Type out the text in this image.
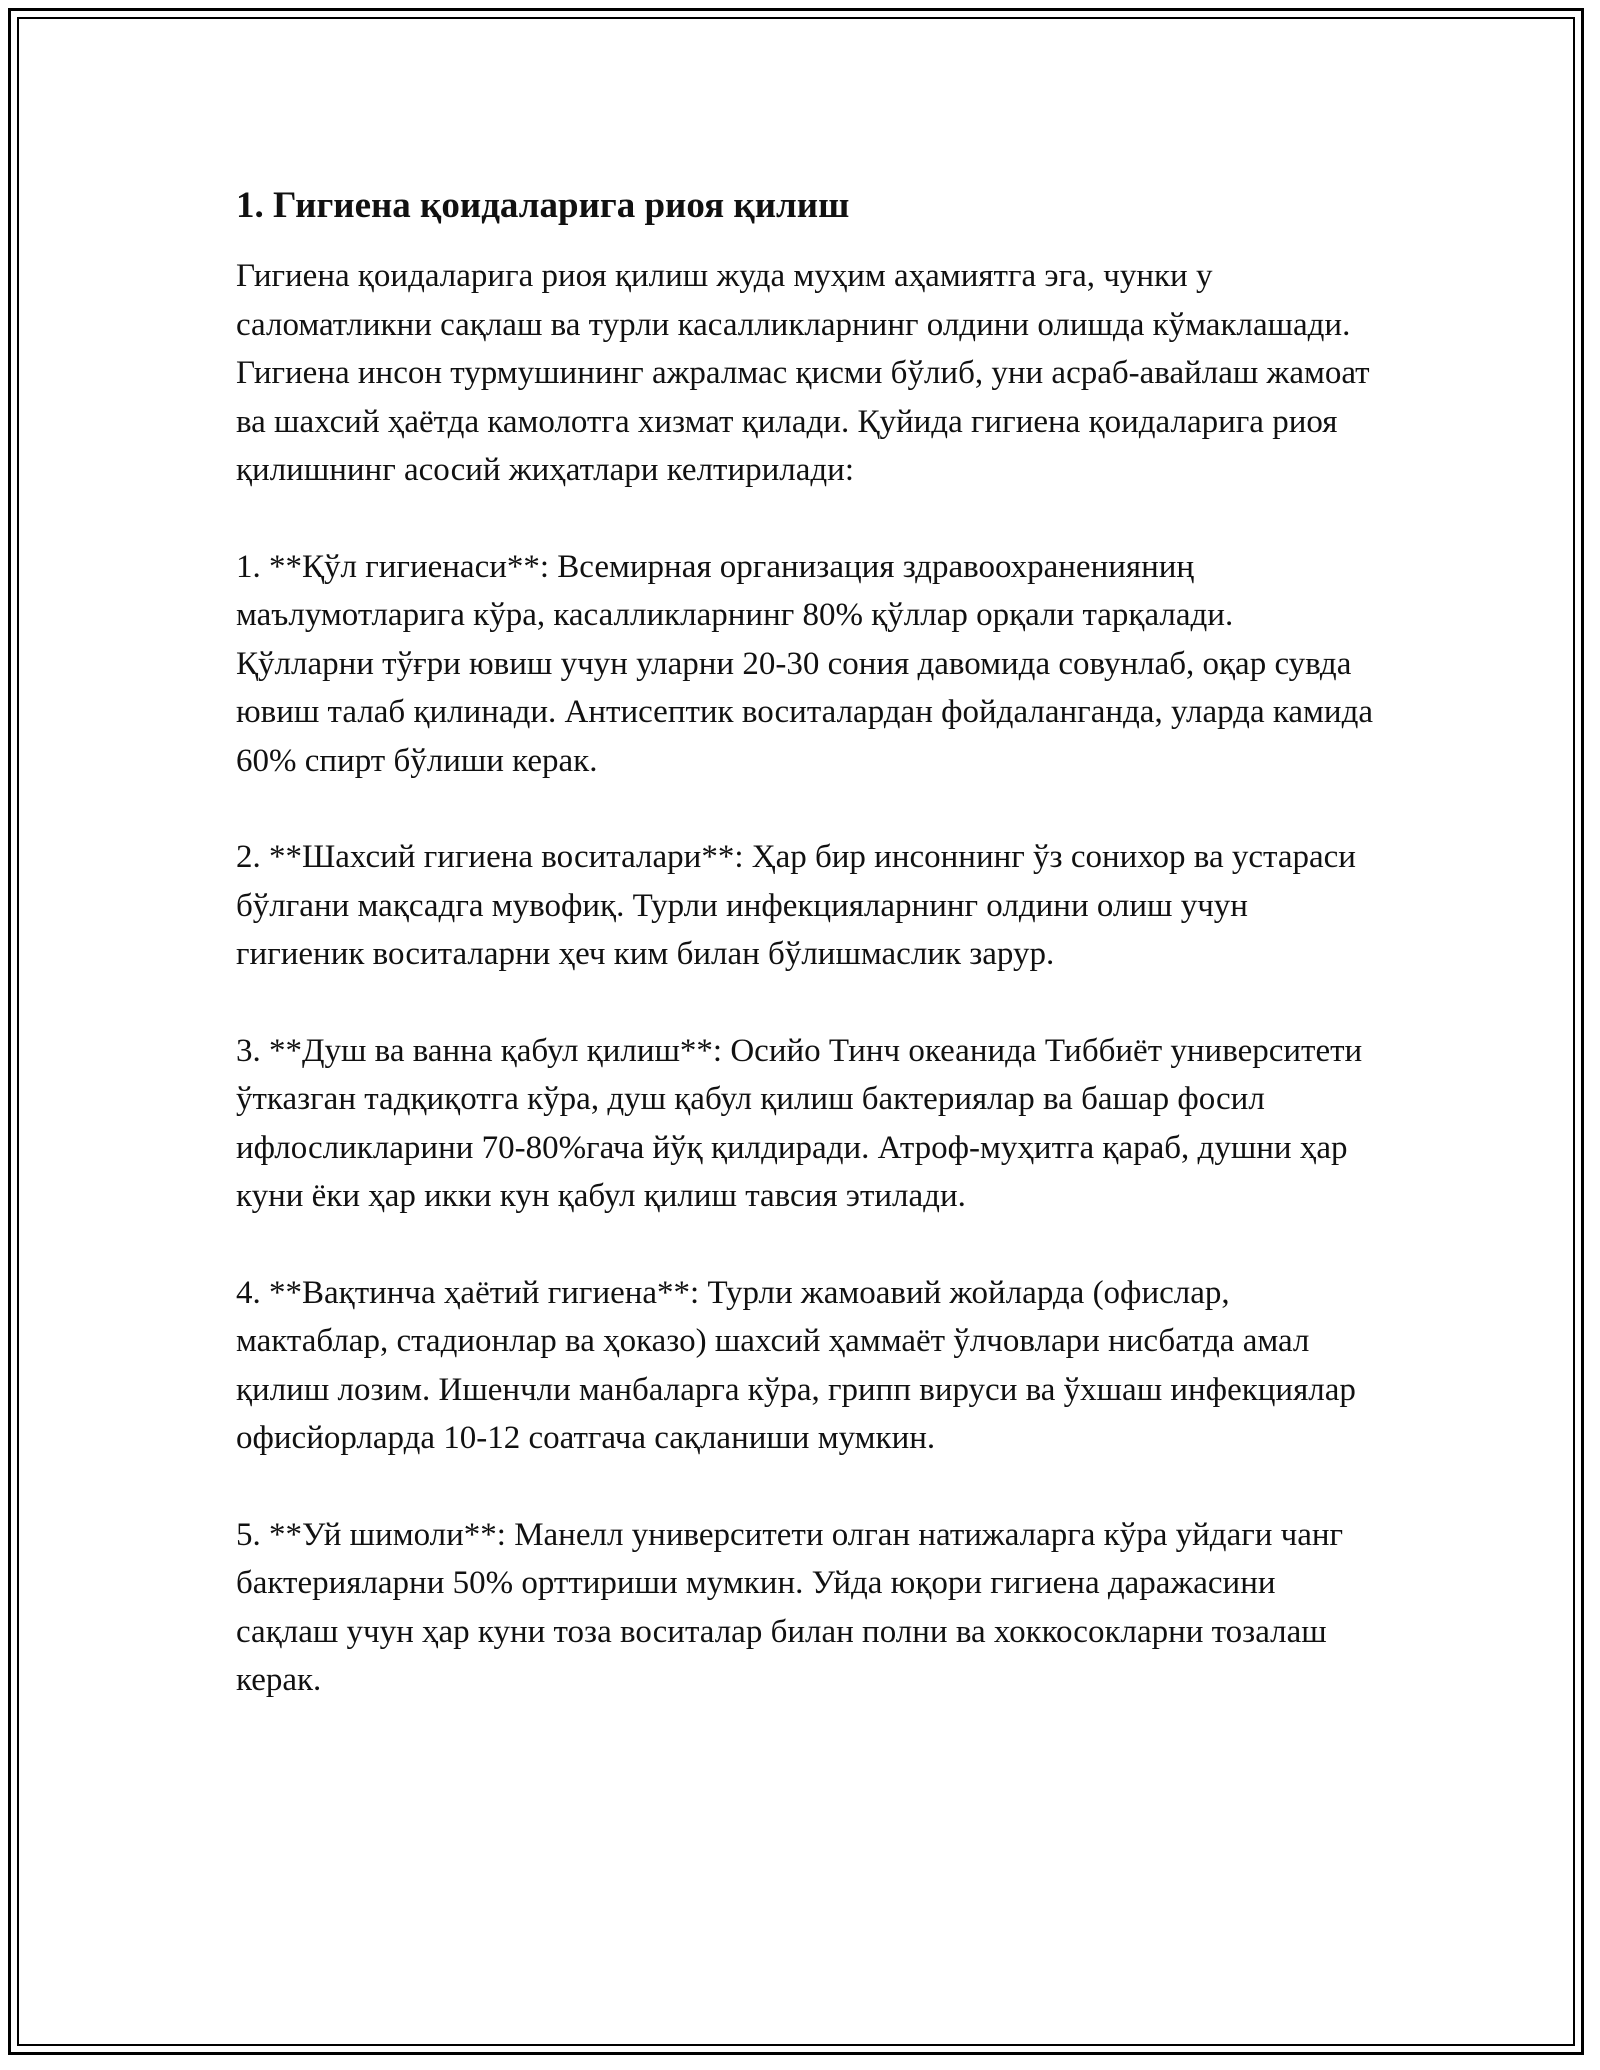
1. Гигиена қоидаларига риоя қилиш

Гигиена қоидаларига риоя қилиш жуда муҳим аҳамиятга эга, чунки у саломатликни сақлаш ва турли касалликларнинг олдини олишда кўмаклашади. Гигиена инсон турмушининг ажралмас қисми бўлиб, уни асраб-авайлаш жамоат ва шахсий ҳаётда камолотга хизмат қилади. Қуйида гигиена қоидаларига риоя қилишнинг асосий жиҳатлари келтирилади:

1. **Қўл гигиенаси**: Всемирная организация здравоохраненияниң маълумотларига кўра, касалликларнинг 80% қўллар орқали тарқалади. Қўлларни тўғри ювиш учун уларни 20-30 сония давомида совунлаб, оқар сувда ювиш талаб қилинади. Антисептик воситалардан фойдаланганда, уларда камида 60% спирт бўлиши керак.

2. **Шахсий гигиена воситалари**: Ҳар бир инсоннинг ўз сонихор ва устараси бўлгани мақсадга мувофиқ. Турли инфекцияларнинг олдини олиш учун гигиеник воситаларни ҳеч ким билан бўлишмаслик зарур.

3. **Душ ва ванна қабул қилиш**: Осийо Тинч океанида Тиббиёт университети ўтказган тадқиқотга кўра, душ қабул қилиш бактериялар ва башар фосил ифлосликларини 70-80%гача йўқ қилдиради. Атроф-муҳитга қараб, душни ҳар куни ёки ҳар икки кун қабул қилиш тавсия этилади.

4. **Вақтинча ҳаётий гигиена**: Турли жамоавий жойларда (офислар, мактаблар, стадионлар ва ҳоказо) шахсий ҳаммаёт ўлчовлари нисбатда амал қилиш лозим. Ишенчли манбаларга кўра, грипп вируси ва ўхшаш инфекциялар офисйорларда 10-12 соатгача сақланиши мумкин.

5. **Уй шимоли**: Манелл университети олган натижаларга кўра уйдаги чанг бактерияларни 50% орттириши мумкин. Уйда юқори гигиена даражасини сақлаш учун ҳар куни тоза воситалар билан полни ва хоккосокларни тозалаш керак.
